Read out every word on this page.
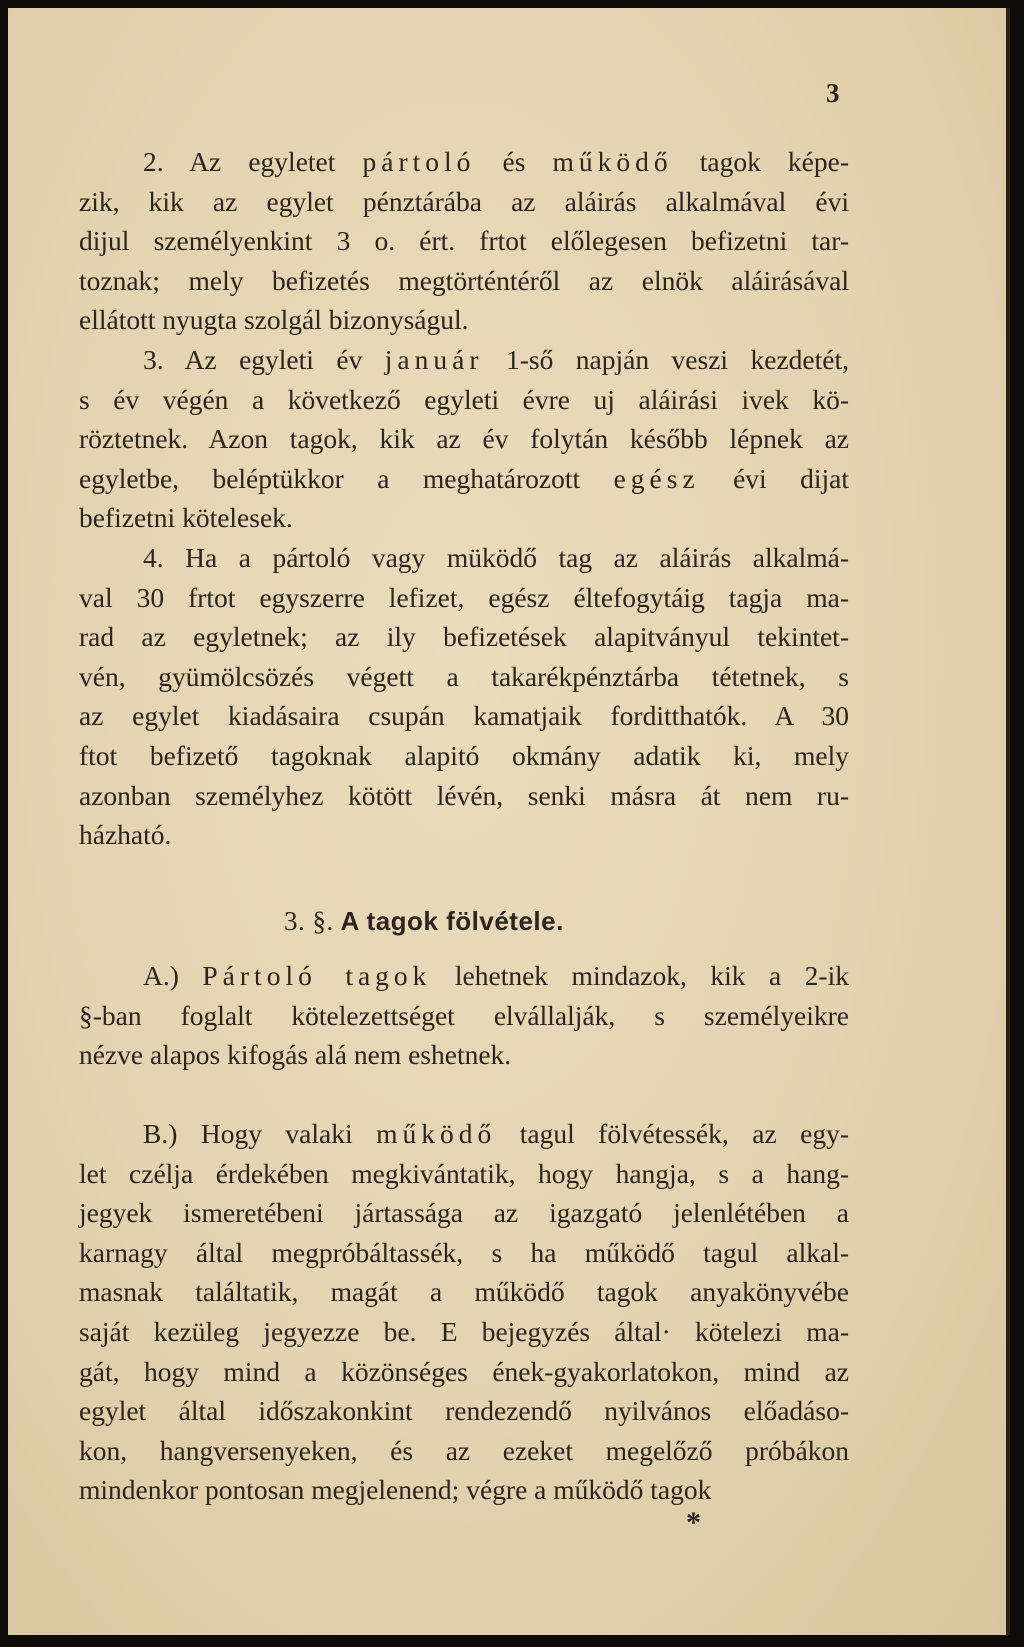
3
2. Az egyletet pártoló és működő tagok képe-
zik, kik az egylet pénztárába az aláirás alkalmával évi
dijul személyenkint 3 o. ért. frtot előlegesen befizetni tar-
toznak; mely befizetés megtörténtéről az elnök aláirásával
ellátott nyugta szolgál bizonyságul.
3. Az egyleti év január 1-ső napján veszi kezdetét,
s év végén a következő egyleti évre uj aláirási ivek kö-
röztetnek. Azon tagok, kik az év folytán később lépnek az
egyletbe, beléptükkor a meghatározott egész évi dijat
befizetni kötelesek.
4. Ha a pártoló vagy müködő tag az aláirás alkalmá-
val 30 frtot egyszerre lefizet, egész éltefogytáig tagja ma-
rad az egyletnek; az ily befizetések alapitványul tekintet-
vén, gyümölcsözés végett a takarékpénztárba tétetnek, s
az egylet kiadásaira csupán kamatjaik forditthatók. A 30
ftot befizető tagoknak alapitó okmány adatik ki, mely
azonban személyhez kötött lévén, senki másra át nem ru-
házható.
A.) Pártoló tagok lehetnek mindazok, kik a 2-ik
§-ban foglalt kötelezettséget elvállalják, s személyeikre
nézve alapos kifogás alá nem eshetnek.
B.) Hogy valaki működő tagul fölvétessék, az egy-
let czélja érdekében megkivántatik, hogy hangja, s a hang-
jegyek ismeretébeni jártassága az igazgató jelenlétében a
karnagy által megpróbáltassék, s ha működő tagul alkal-
masnak találtatik, magát a működő tagok anyakönyvébe
saját kezüleg jegyezze be. E bejegyzés által· kötelezi ma-
gát, hogy mind a közönséges ének-gyakorlatokon, mind az
egylet által időszakonkint rendezendő nyilvános előadáso-
kon, hangversenyeken, és az ezeket megelőző próbákon
mindenkor pontosan megjelenend; végre a működő tagok
3. §. A tagok fölvétele.
*
